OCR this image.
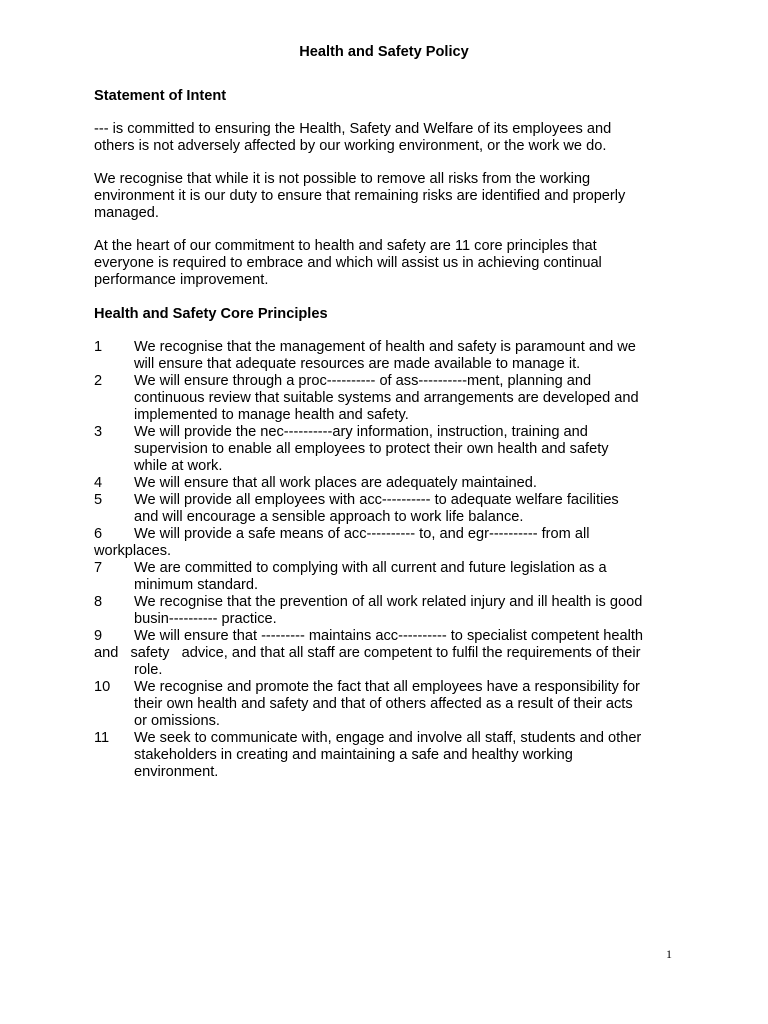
Health and Safety Policy
Statement of Intent
--- is committed to ensuring the Health, Safety and Welfare of its employees and
others is not adversely affected by our working environment, or the work we do.
We recognise that while it is not possible to remove all risks from the working
environment it is our duty to ensure that remaining risks are identified and properly
managed.
At the heart of our commitment to health and safety are 11 core principles that
everyone is required to embrace and which will assist us in achieving continual
performance improvement.
Health and Safety Core Principles
1	We recognise that the management of health and safety is paramount and we
will ensure that adequate resources are made available to manage it.
2	We will ensure through a proc---------- of ass----------ment, planning and
continuous review that suitable systems and arrangements are developed and
implemented to manage health and safety.
3	We will provide the nec----------ary information, instruction, training and
supervision to enable all employees to protect their own health and safety
while at work.
4	We will ensure that all work places are adequately maintained.
5	We will provide all employees with acc---------- to adequate welfare facilities
and will encourage a sensible approach to work life balance.
6	We will provide a safe means of acc---------- to, and egr---------- from all
workplaces.
7	We are committed to complying with all current and future legislation as a
minimum standard.
8	We recognise that the prevention of all work related injury and ill health is good
busin---------- practice.
9	We will ensure that --------- maintains acc---------- to specialist competent health
and   safety   advice, and that all staff are competent to fulfil the requirements of their
role.
10	We recognise and promote the fact that all employees have a responsibility for
their own health and safety and that of others affected as a result of their acts
or omissions.
11	We seek to communicate with, engage and involve all staff, students and other
stakeholders in creating and maintaining a safe and healthy working
environment.
1
